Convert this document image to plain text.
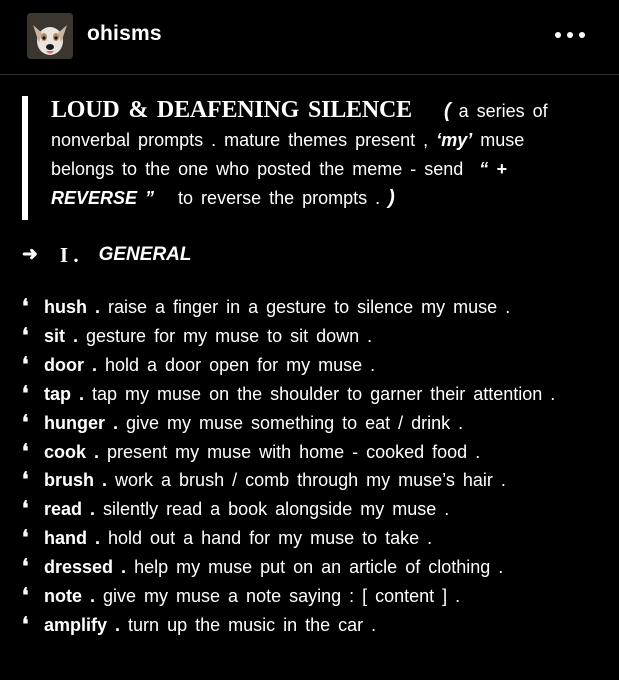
ohisms
LOUD & DEAFENING SILENCE ( a series of
nonverbal prompts . mature themes present , ‘my’ muse
belongs to the one who posted the meme - send “ +
REVERSE ” to reverse the prompts . )
➜ I . GENERAL
❛ hush . raise a finger in a gesture to silence my muse .
❛ sit . gesture for my muse to sit down .
❛ door . hold a door open for my muse .
❛ tap . tap my muse on the shoulder to garner their attention .
❛ hunger . give my muse something to eat / drink .
❛ cook . present my muse with home - cooked food .
❛ brush . work a brush / comb through my muse’s hair .
❛ read . silently read a book alongside my muse .
❛ hand . hold out a hand for my muse to take .
❛ dressed . help my muse put on an article of clothing .
❛ note . give my muse a note saying : [ content ] .
❛ amplify . turn up the music in the car .
